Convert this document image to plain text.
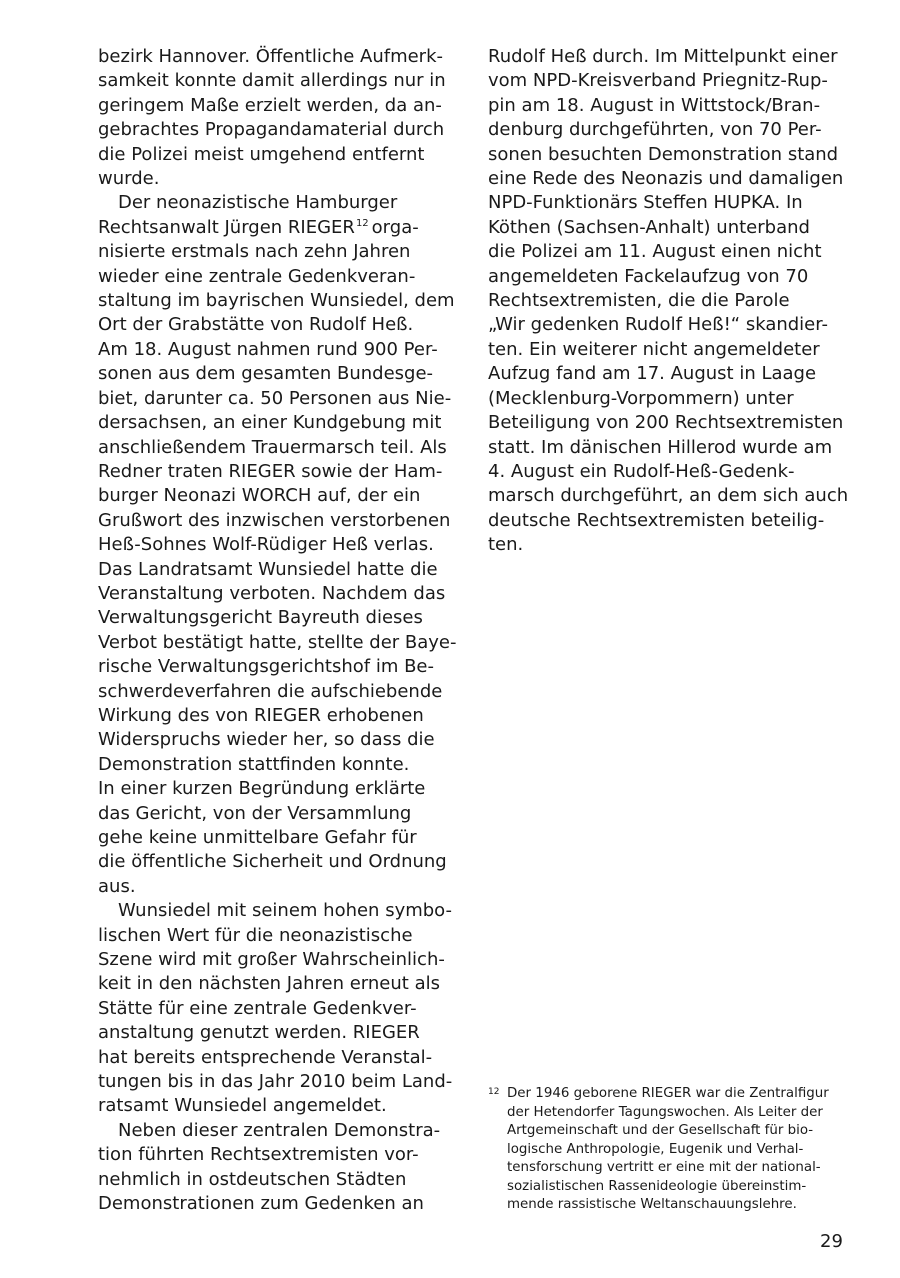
bezirk Hannover. Öffentliche Aufmerk-
samkeit konnte damit allerdings nur in
geringem Maße erzielt werden, da an-
gebrachtes Propagandamaterial durch
die Polizei meist umgehend entfernt
wurde.
Der neonazistische Hamburger
Rechtsanwalt Jürgen RIEGER$^{12}$ orga-
nisierte erstmals nach zehn Jahren
wieder eine zentrale Gedenkveran-
staltung im bayrischen Wunsiedel, dem
Ort der Grabstätte von Rudolf Heß.
Am 18. August nahmen rund 900 Per-
sonen aus dem gesamten Bundesge-
biet, darunter ca. 50 Personen aus Nie-
dersachsen, an einer Kundgebung mit
anschließendem Trauermarsch teil. Als
Redner traten RIEGER sowie der Ham-
burger Neonazi WORCH auf, der ein
Grußwort des inzwischen verstorbenen
Heß-Sohnes Wolf-Rüdiger Heß verlas.
Das Landratsamt Wunsiedel hatte die
Veranstaltung verboten. Nachdem das
Verwaltungsgericht Bayreuth dieses
Verbot bestätigt hatte, stellte der Baye-
rische Verwaltungsgerichtshof im Be-
schwerdeverfahren die aufschiebende
Wirkung des von RIEGER erhobenen
Widerspruchs wieder her, so dass die
Demonstration stattfinden konnte.
In einer kurzen Begründung erklärte
das Gericht, von der Versammlung
gehe keine unmittelbare Gefahr für
die öffentliche Sicherheit und Ordnung
aus.
Wunsiedel mit seinem hohen symbo-
lischen Wert für die neonazistische
Szene wird mit großer Wahrscheinlich-
keit in den nächsten Jahren erneut als
Stätte für eine zentrale Gedenkver-
anstaltung genutzt werden. RIEGER
hat bereits entsprechende Veranstal-
tungen bis in das Jahr 2010 beim Land-
ratsamt Wunsiedel angemeldet.
Neben dieser zentralen Demonstra-
tion führten Rechtsextremisten vor-
nehmlich in ostdeutschen Städten
Demonstrationen zum Gedenken an
Rudolf Heß durch. Im Mittelpunkt einer
vom NPD-Kreisverband Priegnitz-Rup-
pin am 18. August in Wittstock/Bran-
denburg durchgeführten, von 70 Per-
sonen besuchten Demonstration stand
eine Rede des Neonazis und damaligen
NPD-Funktionärs Steffen HUPKA. In
Köthen (Sachsen-Anhalt) unterband
die Polizei am 11. August einen nicht
angemeldeten Fackelaufzug von 70
Rechtsextremisten, die die Parole
„Wir gedenken Rudolf Heß!“ skandier-
ten. Ein weiterer nicht angemeldeter
Aufzug fand am 17. August in Laage
(Mecklenburg-Vorpommern) unter
Beteiligung von 200 Rechtsextremisten
statt. Im dänischen Hillerod wurde am
4. August ein Rudolf-Heß-Gedenk-
marsch durchgeführt, an dem sich auch
deutsche Rechtsextremisten beteilig-
ten.
12 Der 1946 geborene RIEGER war die Zentralfigur
der Hetendorfer Tagungswochen. Als Leiter der
Artgemeinschaft und der Gesellschaft für bio-
logische Anthropologie, Eugenik und Verhal-
tensforschung vertritt er eine mit der national-
sozialistischen Rassenideologie übereinstim-
mende rassistische Weltanschauungslehre.
29
